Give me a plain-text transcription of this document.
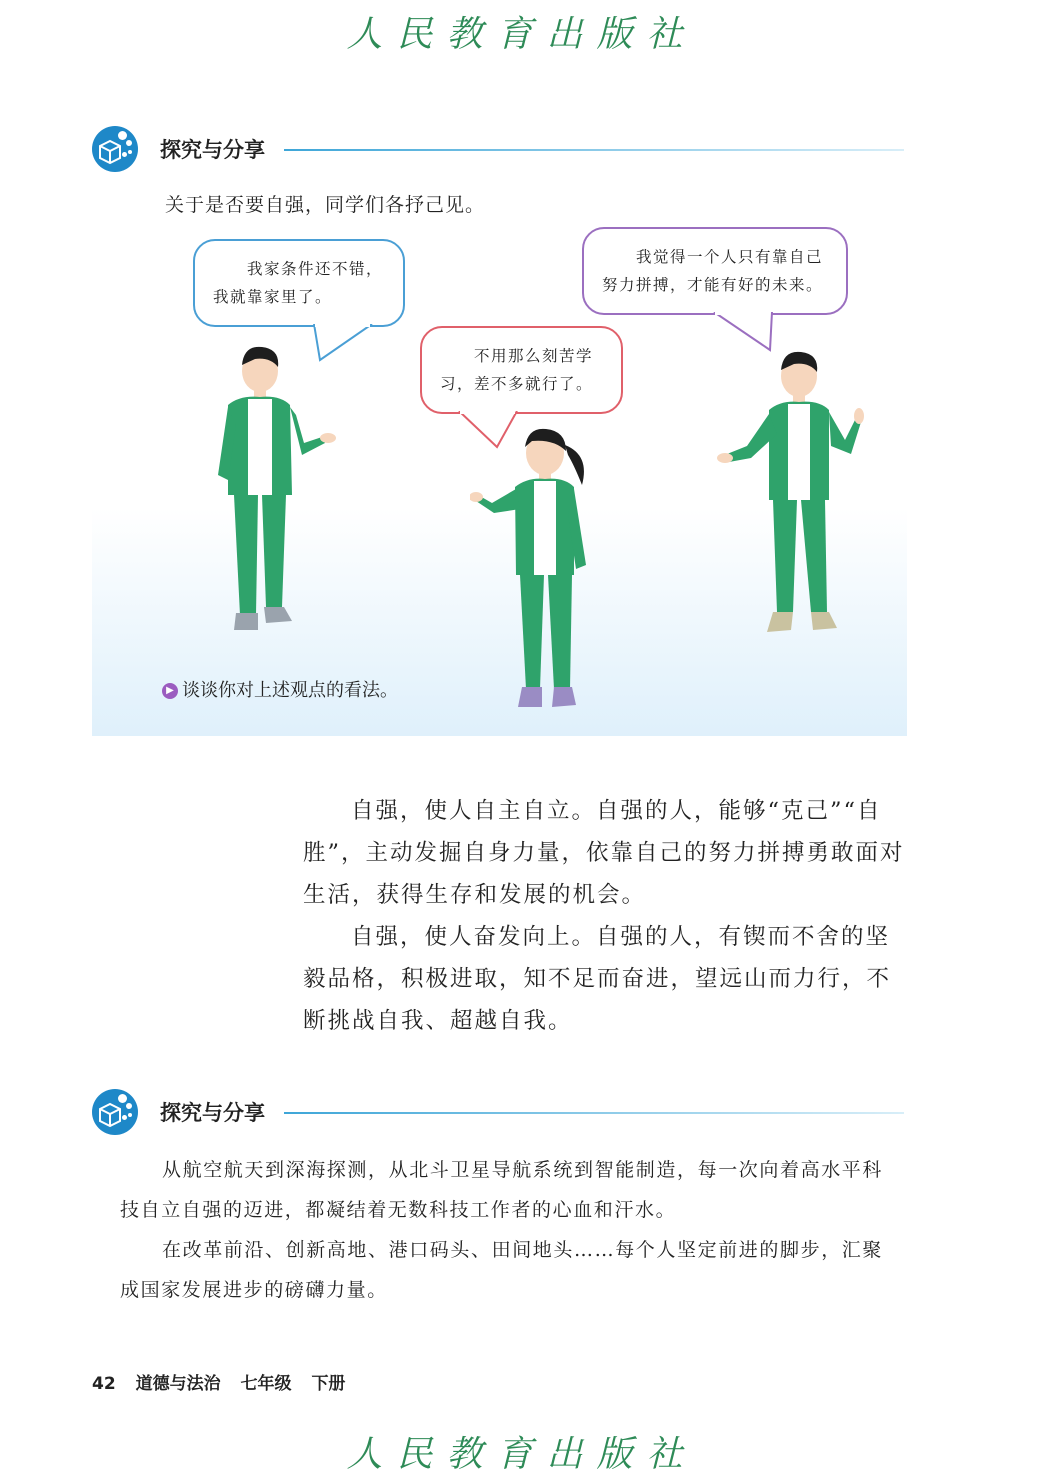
人民教育出版社
探究与分享
关于是否要自强，同学们各抒己见。
我家条件还不错，我就靠家里了。
不用那么刻苦学习，差不多就行了。
我觉得一个人只有靠自己努力拼搏，才能有好的未来。
▶ 谈谈你对上述观点的看法。

自强，使人自主自立。自强的人，能够“克己”“自胜”，主动发掘自身力量，依靠自己的努力拼搏勇敢面对生活，获得生存和发展的机会。

自强，使人奋发向上。自强的人，有锲而不舍的坚毅品格，积极进取，知不足而奋进，望远山而力行，不断挑战自我、超越自我。

探究与分享

从航空航天到深海探测，从北斗卫星导航系统到智能制造，每一次向着高水平科技自立自强的迈进，都凝结着无数科技工作者的心血和汗水。

在改革前沿、创新高地、港口码头、田间地头……每个人坚定前进的脚步，汇聚成国家发展进步的磅礴力量。

42 道德与法治 七年级 下册
人民教育出版社
